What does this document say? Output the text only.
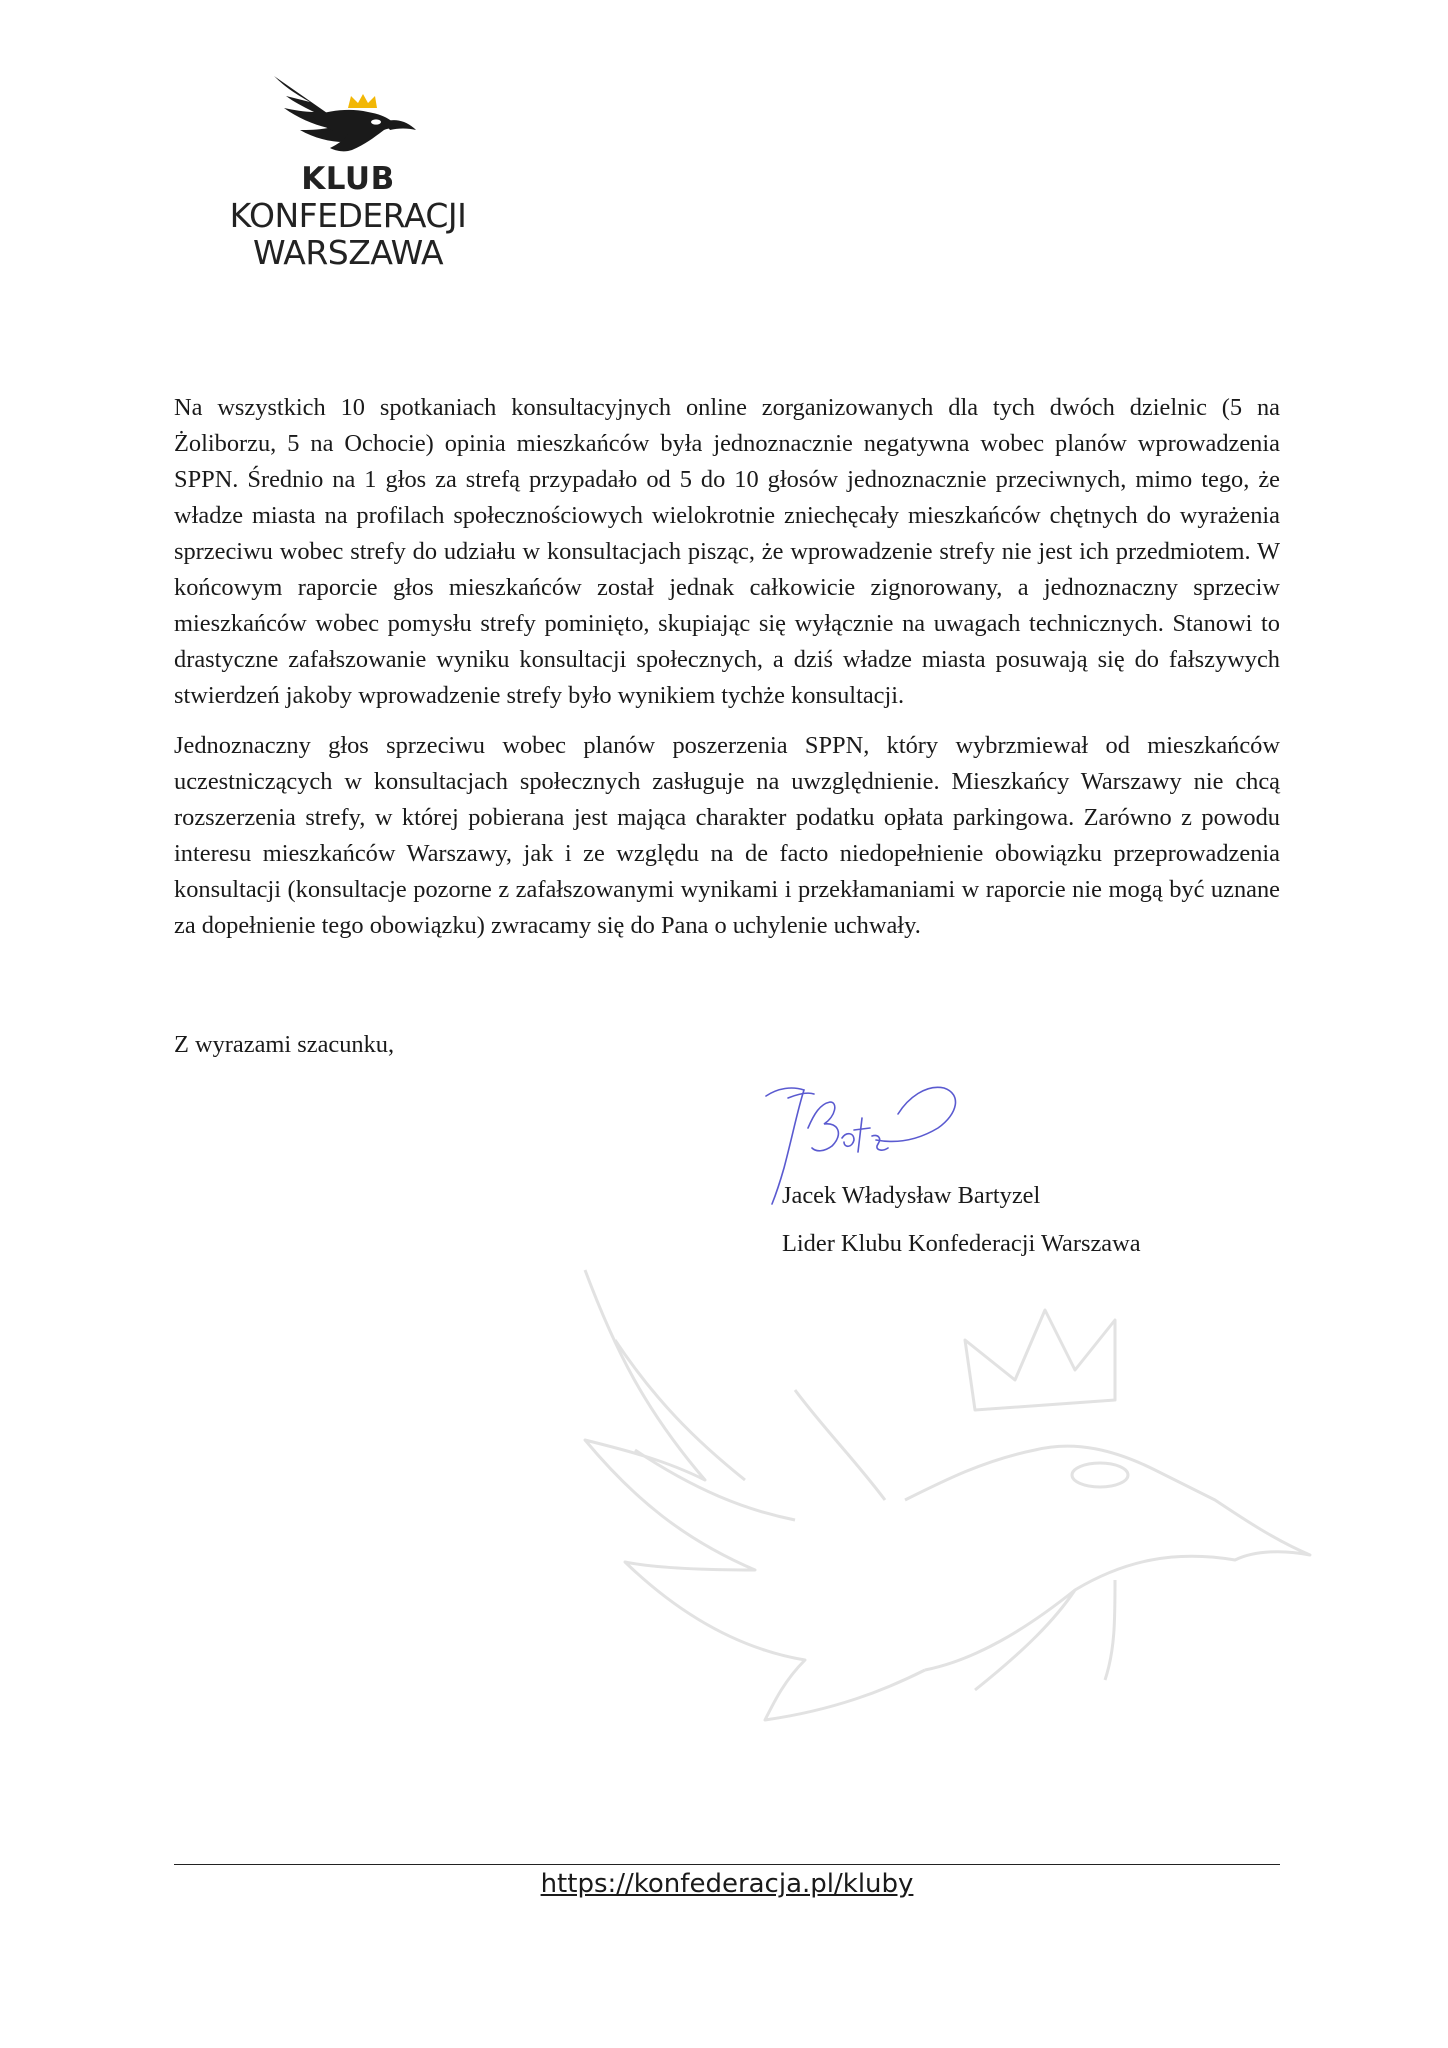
KLUB
KONFEDERACJI
WARSZAWA

Na wszystkich 10 spotkaniach konsultacyjnych online zorganizowanych dla tych dwóch dzielnic (5 na Żoliborzu, 5 na Ochocie) opinia mieszkańców była jednoznacznie negatywna wobec planów wprowadzenia SPPN. Średnio na 1 głos za strefą przypadało od 5 do 10 głosów jednoznacznie przeciwnych, mimo tego, że władze miasta na profilach społecznościowych wielokrotnie zniechęcały mieszkańców chętnych do wyrażenia sprzeciwu wobec strefy do udziału w konsultacjach pisząc, że wprowadzenie strefy nie jest ich przedmiotem. W końcowym raporcie głos mieszkańców został jednak całkowicie zignorowany, a jednoznaczny sprzeciw mieszkańców wobec pomysłu strefy pominięto, skupiając się wyłącznie na uwagach technicznych. Stanowi to drastyczne zafałszowanie wyniku konsultacji społecznych, a dziś władze miasta posuwają się do fałszywych stwierdzeń jakoby wprowadzenie strefy było wynikiem tychże konsultacji.

Jednoznaczny głos sprzeciwu wobec planów poszerzenia SPPN, który wybrzmiewał od mieszkańców uczestniczących w konsultacjach społecznych zasługuje na uwzględnienie. Mieszkańcy Warszawy nie chcą rozszerzenia strefy, w której pobierana jest mająca charakter podatku opłata parkingowa. Zarówno z powodu interesu mieszkańców Warszawy, jak i ze względu na de facto niedopełnienie obowiązku przeprowadzenia konsultacji (konsultacje pozorne z zafałszowanymi wynikami i przekłamaniami w raporcie nie mogą być uznane za dopełnienie tego obowiązku) zwracamy się do Pana o uchylenie uchwały.

Z wyrazami szacunku,
Jacek Władysław Bartyzel
Lider Klubu Konfederacji Warszawa
https://konfederacja.pl/kluby
